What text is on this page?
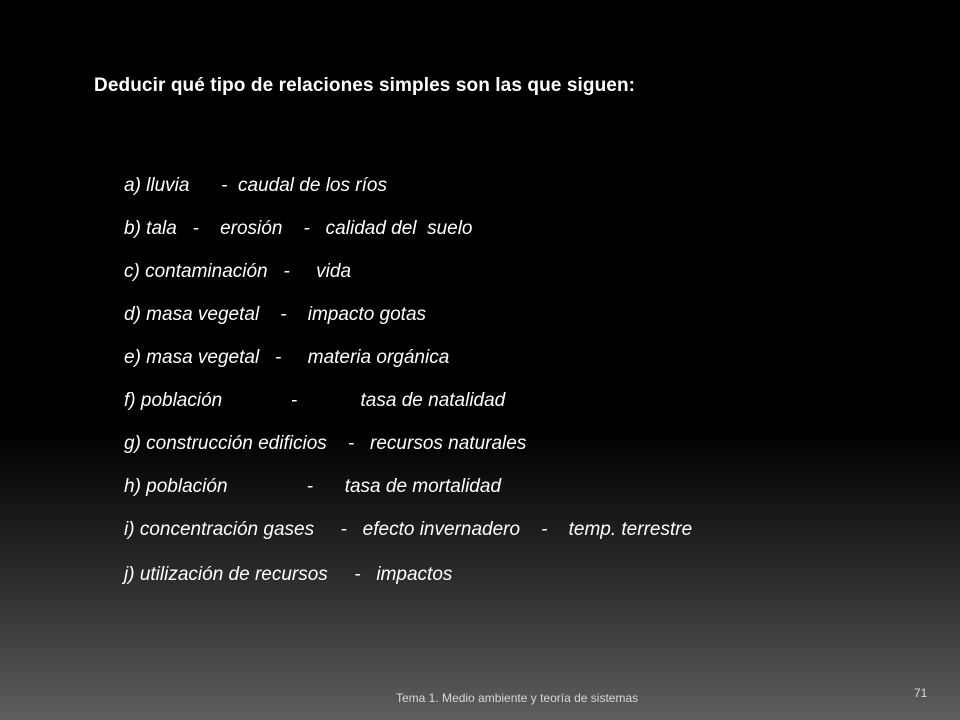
Deducir qué tipo de relaciones simples son las que siguen:
a) lluvia      -  caudal de los ríos
b) tala   -    erosión    -   calidad del  suelo
c) contaminación   -     vida
d) masa vegetal    -    impacto gotas
e) masa vegetal   -     materia orgánica
f) población             -            tasa de natalidad
g) construcción edificios    -   recursos naturales
h) población               -      tasa de mortalidad
i) concentración gases     -   efecto invernadero    -    temp. terrestre
j) utilización de recursos     -   impactos
Tema 1. Medio ambiente y teoría de sistemas	71
